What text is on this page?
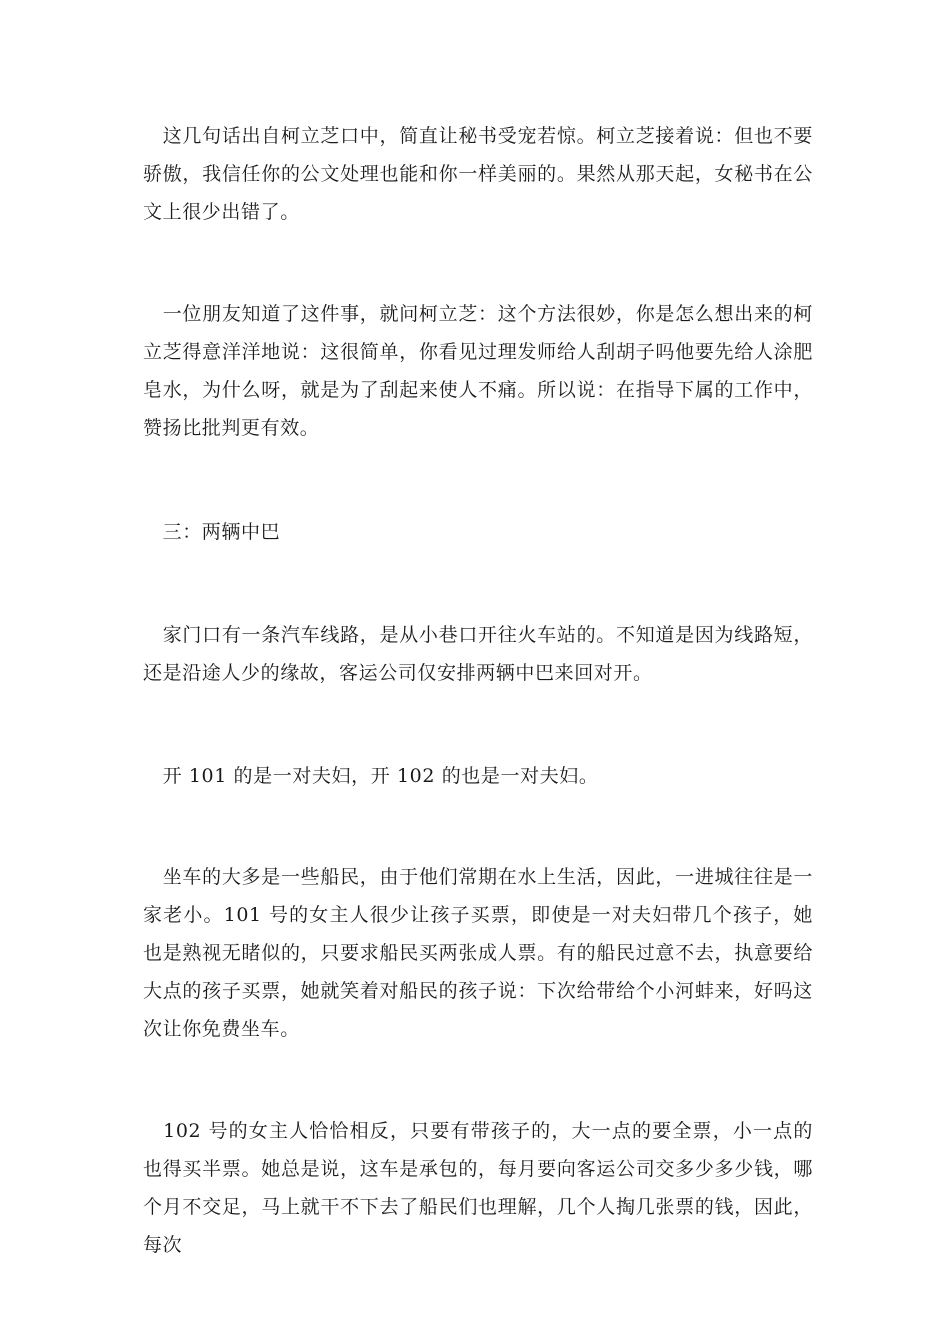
　这几句话出自柯立芝口中，简直让秘书受宠若惊。柯立芝接着说：但也不要骄傲，我信任你的公文处理也能和你一样美丽的。果然从那天起，女秘书在公文上很少出错了。

　一位朋友知道了这件事，就问柯立芝：这个方法很妙，你是怎么想出来的柯立芝得意洋洋地说：这很简单，你看见过理发师给人刮胡子吗他要先给人涂肥皂水，为什么呀，就是为了刮起来使人不痛。所以说：在指导下属的工作中，赞扬比批判更有效。

　三：两辆中巴

　家门口有一条汽车线路，是从小巷口开往火车站的。不知道是因为线路短，还是沿途人少的缘故，客运公司仅安排两辆中巴来回对开。

　开 101 的是一对夫妇，开 102 的也是一对夫妇。

　坐车的大多是一些船民，由于他们常期在水上生活，因此，一进城往往是一家老小。101 号的女主人很少让孩子买票，即使是一对夫妇带几个孩子，她也是熟视无睹似的，只要求船民买两张成人票。有的船民过意不去，执意要给大点的孩子买票，她就笑着对船民的孩子说：下次给带给个小河蚌来，好吗这次让你免费坐车。

　102 号的女主人恰恰相反，只要有带孩子的，大一点的要全票，小一点的也得买半票。她总是说，这车是承包的，每月要向客运公司交多少多少钱，哪个月不交足，马上就干不下去了船民们也理解，几个人掏几张票的钱，因此，每次
